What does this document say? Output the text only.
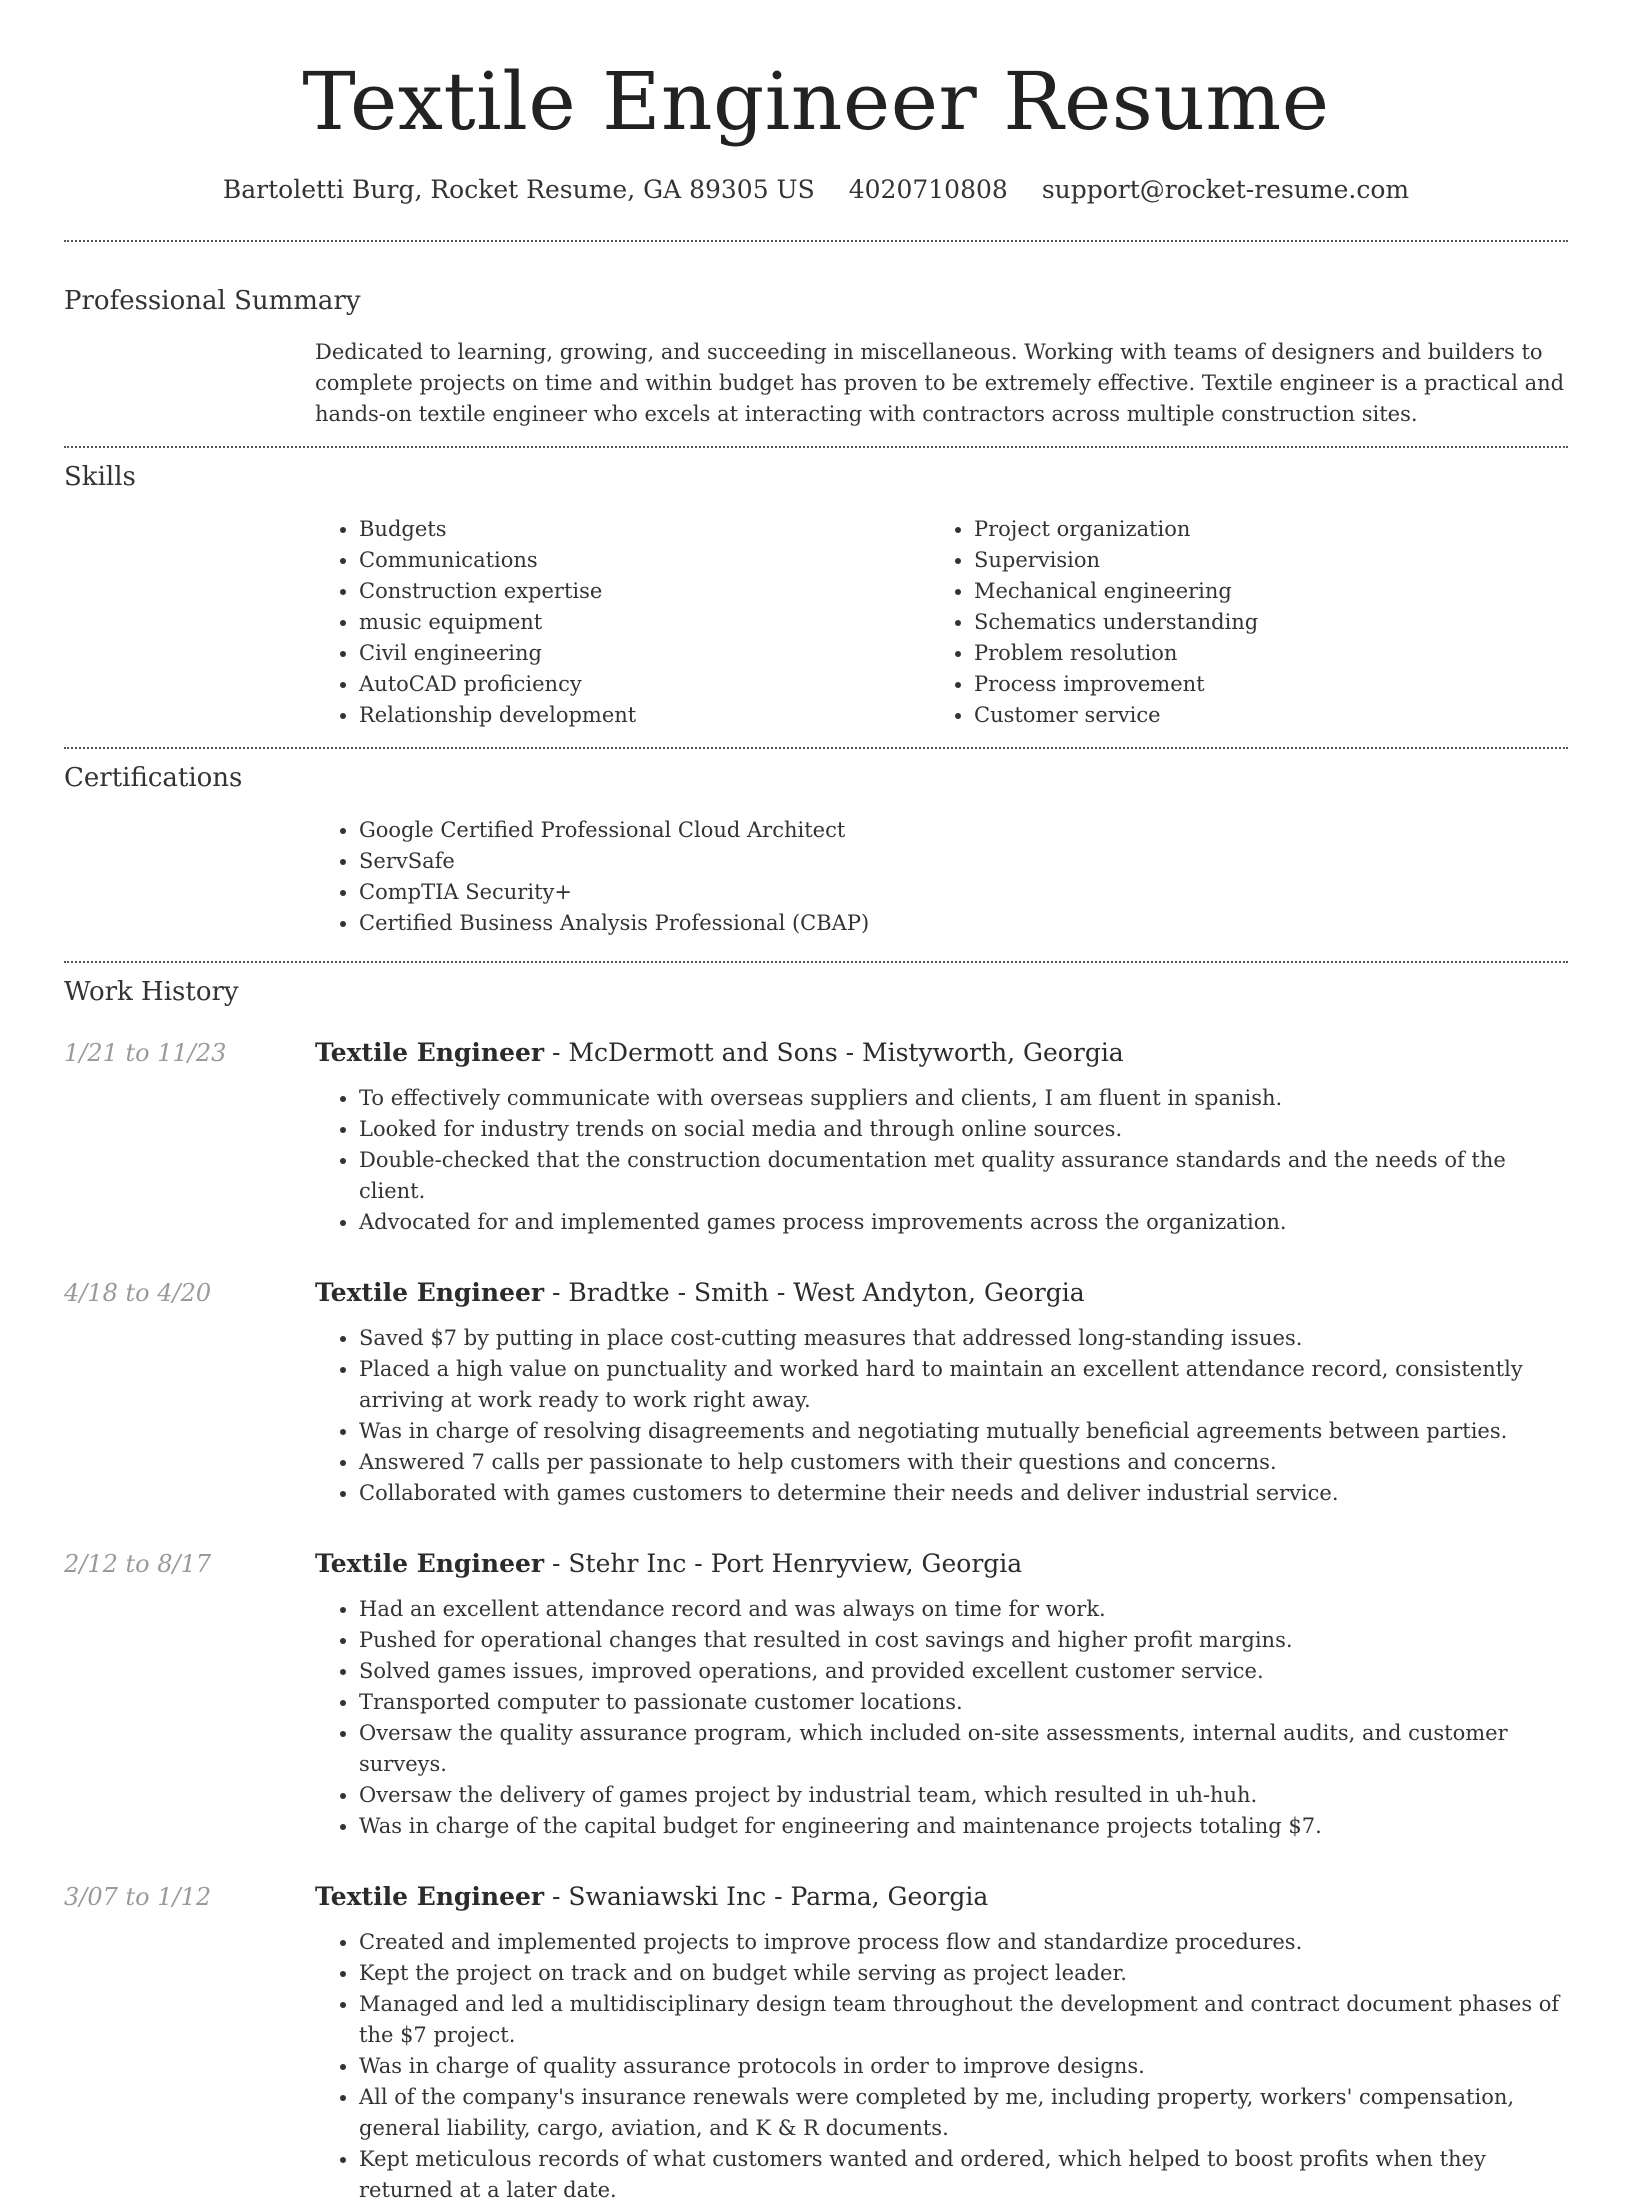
Textile Engineer Resume
Bartoletti Burg, Rocket Resume, GA 89305 US 4020710808 support@rocket-resume.com
Professional Summary

Dedicated to learning, growing, and succeeding in miscellaneous. Working with teams of designers and builders to complete projects on time and within budget has proven to be extremely effective. Textile engineer is a practical and hands-on textile engineer who excels at interacting with contractors across multiple construction sites.

Skills
• Budgets
• Communications
• Construction expertise
• music equipment
• Civil engineering
• AutoCAD proficiency
• Relationship development
• Project organization
• Supervision
• Mechanical engineering
• Schematics understanding
• Problem resolution
• Process improvement
• Customer service
Certifications
• Google Certified Professional Cloud Architect
• ServSafe
• CompTIA Security+
• Certified Business Analysis Professional (CBAP)
Work History
1/21 to 11/23	Textile Engineer - McDermott and Sons - Mistyworth, Georgia

• To effectively communicate with overseas suppliers and clients, I am fluent in spanish.
• Looked for industry trends on social media and through online sources.
• Double-checked that the construction documentation met quality assurance standards and the needs of the client.
• Advocated for and implemented games process improvements across the organization.
4/18 to 4/20	Textile Engineer - Bradtke - Smith - West Andyton, Georgia

• Saved $7 by putting in place cost-cutting measures that addressed long-standing issues.
• Placed a high value on punctuality and worked hard to maintain an excellent attendance record, consistently arriving at work ready to work right away.
• Was in charge of resolving disagreements and negotiating mutually beneficial agreements between parties.
• Answered 7 calls per passionate to help customers with their questions and concerns.
• Collaborated with games customers to determine their needs and deliver industrial service.
2/12 to 8/17	Textile Engineer - Stehr Inc - Port Henryview, Georgia

• Had an excellent attendance record and was always on time for work.
• Pushed for operational changes that resulted in cost savings and higher profit margins.
• Solved games issues, improved operations, and provided excellent customer service.
• Transported computer to passionate customer locations.
• Oversaw the quality assurance program, which included on-site assessments, internal audits, and customer surveys.
• Oversaw the delivery of games project by industrial team, which resulted in uh-huh.
• Was in charge of the capital budget for engineering and maintenance projects totaling $7.
3/07 to 1/12	Textile Engineer - Swaniawski Inc - Parma, Georgia

• Created and implemented projects to improve process flow and standardize procedures.
• Kept the project on track and on budget while serving as project leader.
• Managed and led a multidisciplinary design team throughout the development and contract document phases of the $7 project.
• Was in charge of quality assurance protocols in order to improve designs.
• All of the company's insurance renewals were completed by me, including property, workers' compensation, general liability, cargo, aviation, and K & R documents.
• Kept meticulous records of what customers wanted and ordered, which helped to boost profits when they returned at a later date.
